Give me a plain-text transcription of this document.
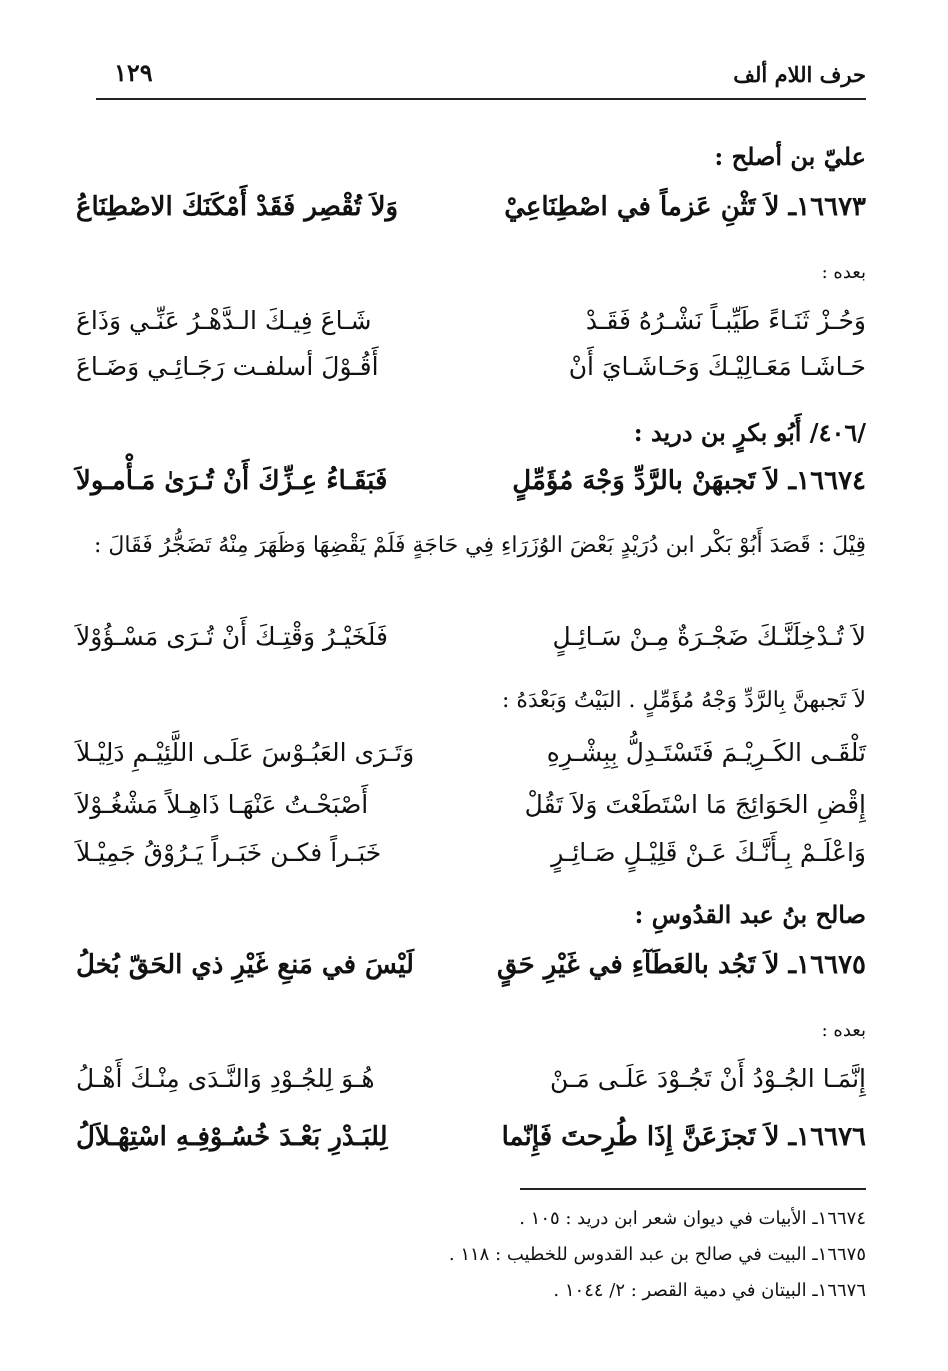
حرف اللام ألف
١٢٩
عليّ بن أصلح :
١٦٦٧٣ـ لاَ تَثْنِ عَزماً في اصْطِنَاعِيْ
وَلاَ تُقْصِر فَقَدْ أَمْكَنَكَ الاصْطِنَاعُ
بعده :
وَحُـزْ ثَنَـاءً طَيِّبـاً نَشْـرُهُ فَقَـدْ
شَـاعَ فِيـكَ الـدَّهْـرُ عَنِّـي وَذَاعَ
حَـاشَـا مَعَـالِيْـكَ وَحَـاشَـايَ أَنْ
أَقُـوْلَ أسلفـت رَجَـائِـي وَضَـاعَ
/٤٠٦/ أَبُو بكرٍ بن دريد :
١٦٦٧٤ـ لاَ تَجبهَنْ بالرَّدِّ وَجْهَ مُؤَمِّلٍ
فَبَقَـاءُ عِـزِّكَ أَنْ تُـرَىٰ مَـأْمـولاَ
قِيْلَ : قَصَدَ أَبُوْ بَكْر ابن دُرَيْدٍ بَعْضَ الوُزَرَاءِ فِي حَاجَةٍ فَلَمْ يَقْضِهَا وَظَهَرَ مِنْهُ تَضَجُّرُ فَقَالَ :
لاَ تُـدْخِلَنَّـكَ ضَجْـرَةٌ مِـنْ سَـائِـلٍ
فَلَخَيْـرُ وَقْتِـكَ أَنْ تُـرَى مَسْـؤُوْلاَ
لاَ تَجبهنَّ بِالرَّدِّ وَجْهُ مُؤَمِّلٍ . البَيْتُ وَبَعْدَهُ :
تَلْقَـى الكَـرِيْـمَ فَتَسْتَـدِلُّ بِبِشْـرِهِ
وَتَـرَى العَبُـوْسَ عَلَـى اللَّئِيْـمِ دَلِيْـلاَ
إِقْضِ الحَوَائِجَ مَا اسْتَطَعْتَ وَلاَ تَقُلْ
أَصْبَحْـتُ عَنْهَـا ذَاهِـلاً مَشْغُـوْلاَ
وَاعْلَـمْ بِـأَنَّـكَ عَـنْ قَلِيْـلٍ صَـائِـرٍ
خَبَـراً فكـن خَبَـراً يَـرُوْقُ جَمِيْـلاَ
صالح بنُ عبد القدُوسِ :
١٦٦٧٥ـ لاَ تَجُد بالعَطَآءِ في غَيْرِ حَقٍ
لَيْسَ في مَنعِ غَيْرِ ذي الحَقّ بُخلُ
بعده :
إِنَّمَـا الجُـوْدُ أَنْ تَجُـوْدَ عَلَـى مَـنْ
هُـوَ لِلجُـوْدِ وَالنَّـدَى مِنْـكَ أَهْـلُ
١٦٦٧٦ـ لاَ تَجزَعَنَّ إِذَا طُرِحتَ فَإِنّما
لِلبَـدْرِ بَعْـدَ خُسُـوْفِـهِ اسْتِهْـلاَلُ
١٦٦٧٤ـ الأبيات في ديوان شعر ابن دريد : ١٠٥ .
١٦٦٧٥ـ البيت في صالح بن عبد القدوس للخطيب : ١١٨ .
١٦٦٧٦ـ البيتان في دمية القصر : ٢/ ١٠٤٤ .
